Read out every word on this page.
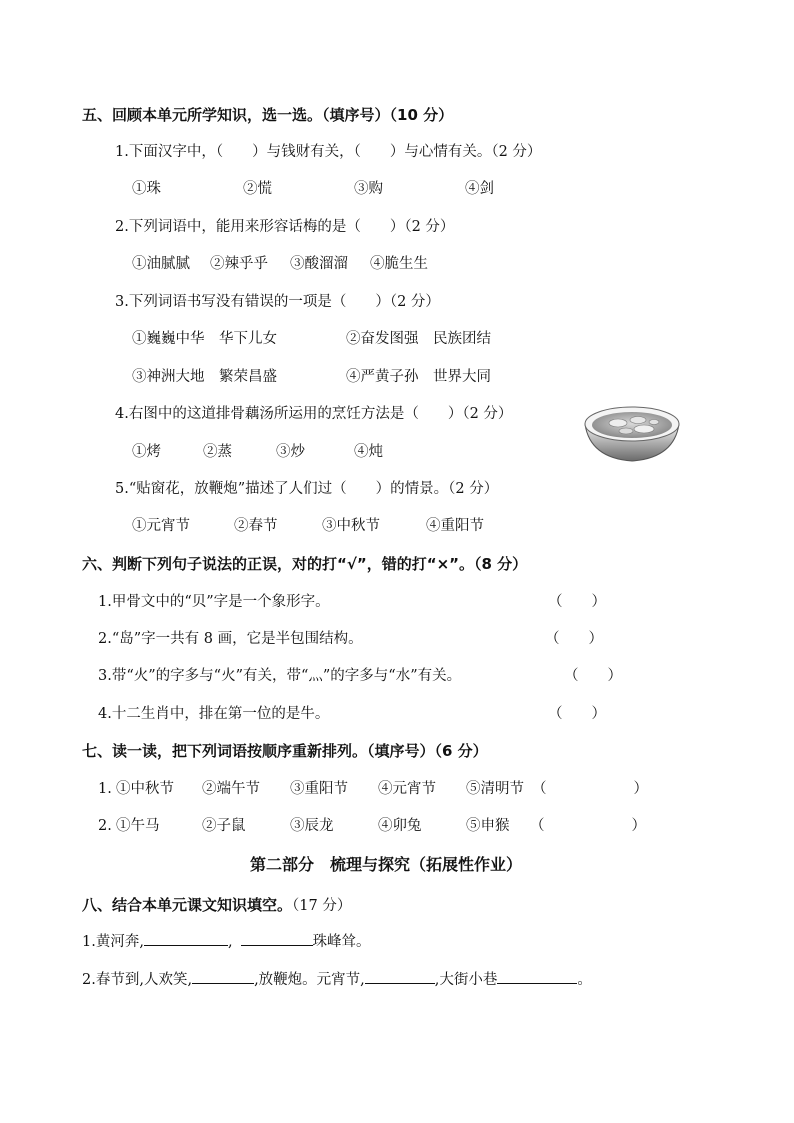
五、回顾本单元所学知识，选一选。（填序号）（10 分）
1.下面汉字中，（　　）与钱财有关，（　　）与心情有关。（2 分）
①珠	②慌	③购	④剑
2.下列词语中，能用来形容话梅的是（　　）（2 分）
①油腻腻 ②辣乎乎 ③酸溜溜 ④脆生生
3.下列词语书写没有错误的一项是（　　）（2 分）
①巍巍中华　华下儿女	②奋发图强　民族团结
③神洲大地　繁荣昌盛	④严黄子孙　世界大同
4.右图中的这道排骨藕汤所运用的烹饪方法是（　　）（2 分）
①烤	②蒸	③炒	④炖
5.“贴窗花，放鞭炮”描述了人们过（　　）的情景。（2 分）
①元宵节	②春节	③中秋节	④重阳节
六、判断下列句子说法的正误，对的打“√”，错的打“×”。（8 分）
1.甲骨文中的“贝”字是一个象形字。	（　　）
2.“岛”字一共有 8 画，它是半包围结构。	（　　）
3.带“火”的字多与“火”有关，带“灬”的字多与“水”有关。	（　　）
4.十二生肖中，排在第一位的是牛。	（　　）
七、读一读，把下列词语按顺序重新排列。（填序号）（6 分）
1. ①中秋节 ②端午节 ③重阳节 ④元宵节 ⑤清明节 （　　　　　　）
2. ①午马	②子鼠	③辰龙	④卯兔	⑤申猴 （　　　　　　）
第二部分　梳理与探究（拓展性作业）
八、结合本单元课文知识填空。（17 分）
1.黄河奔,	,	珠峰耸。
2.春节到,人欢笑,	,放鞭炮。元宵节,	,大街小巷	。
